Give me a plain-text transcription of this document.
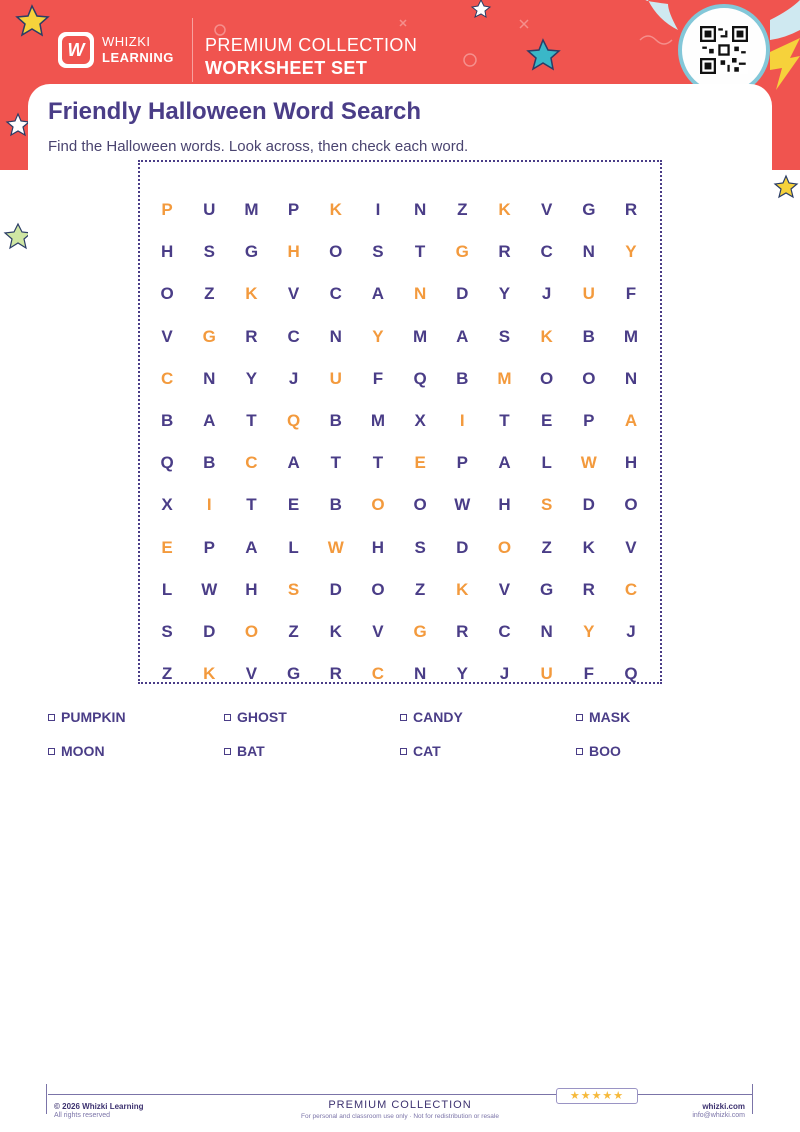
W	WHIZKI
LEARNING
PREMIUM COLLECTION
WORKSHEET SET
Friendly Halloween Word Search

Find the Halloween words. Look across, then check each word.

P	U	M	P	K	I	N	Z	K	V	G	R
H	S	G	H	O	S	T	G	R	C	N	Y
O	Z	K	V	C	A	N	D	Y	J	U	F
V	G	R	C	N	Y	M	A	S	K	B	M
C	N	Y	J	U	F	Q	B	M	O	O	N
B	A	T	Q	B	M	X	I	T	E	P	A
Q	B	C	A	T	T	E	P	A	L	W	H
X	I	T	E	B	O	O	W	H	S	D	O
E	P	A	L	W	H	S	D	O	Z	K	V
L	W	H	S	D	O	Z	K	V	G	R	C
S	D	O	Z	K	V	G	R	C	N	Y	J
Z	K	V	G	R	C	N	Y	J	U	F	Q
PUMPKIN	GHOST	CANDY	MASK
MOON	BAT	CAT	BOO
© 2026 Whizki Learning
All rights reserved
PREMIUM COLLECTION
For personal and classroom use only · Not for redistribution or resale
★★★★★
whizki.com
info@whizki.com
